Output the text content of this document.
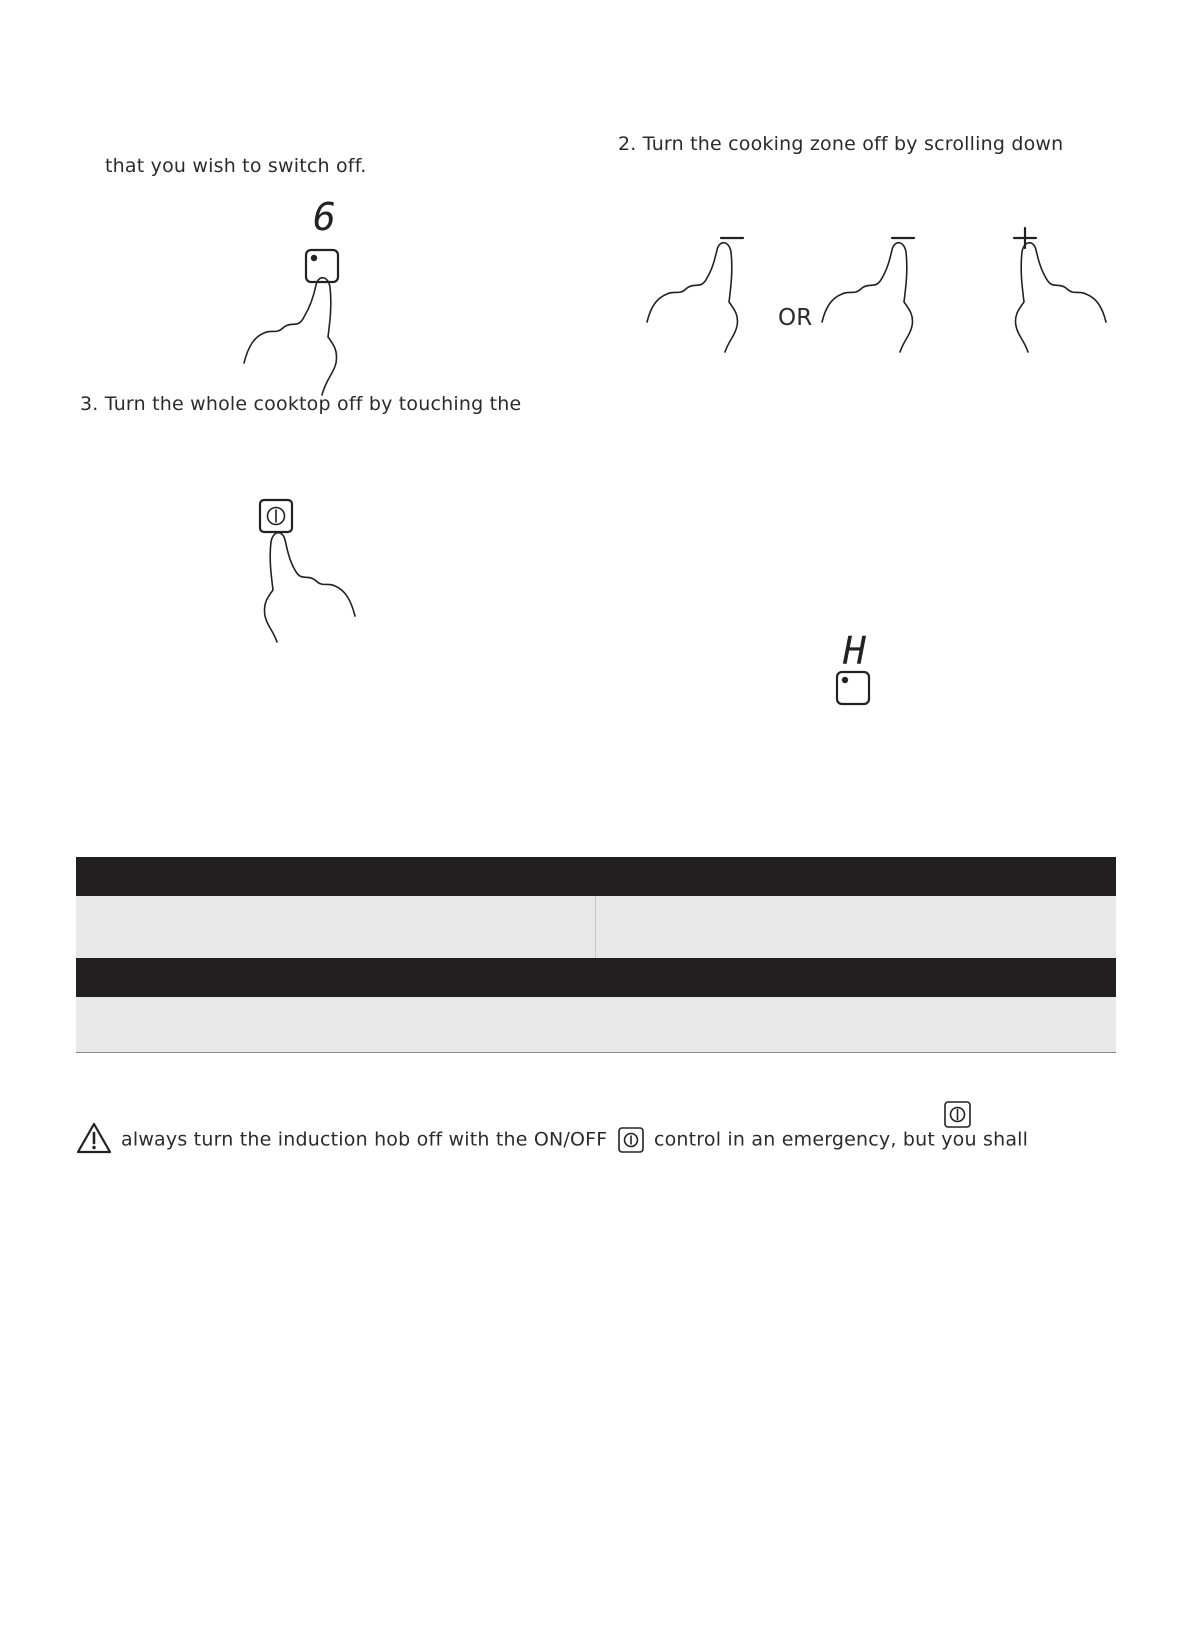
that you wish to switch off.
6
2. Turn the cooking zone off by scrolling down
OR
3. Turn the whole cooktop off by touching the
H
always turn the induction hob off with the ON/OFF control in an emergency, but you shall
